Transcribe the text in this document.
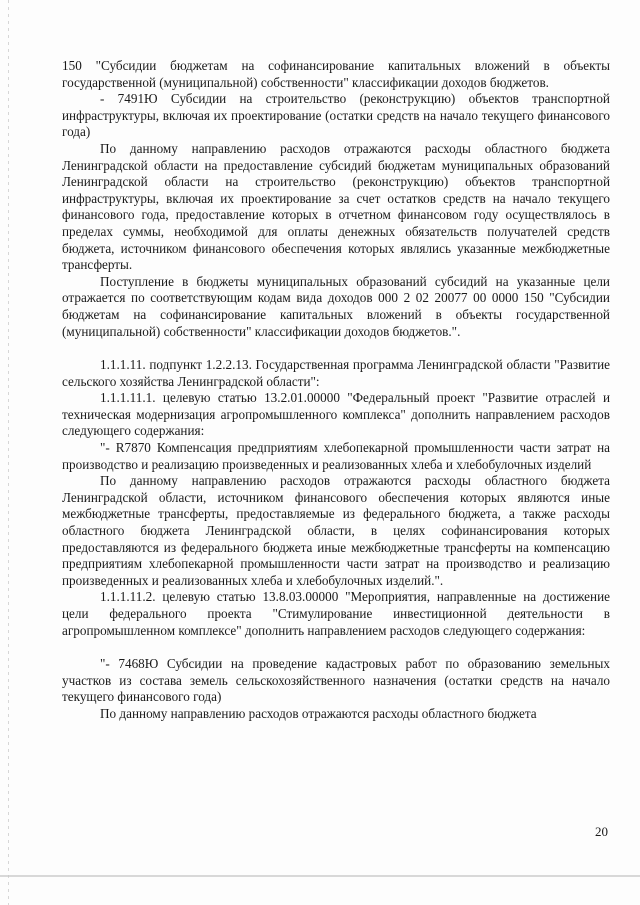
150 "Субсидии бюджетам на софинансирование капитальных вложений в объекты государственной (муниципальной) собственности" классификации доходов бюджетов.

- 7491Ю Субсидии на строительство (реконструкцию) объектов транспортной инфраструктуры, включая их проектирование (остатки средств на начало текущего финансового года)

По данному направлению расходов отражаются расходы областного бюджета Ленинградской области на предоставление субсидий бюджетам муниципальных образований Ленинградской области на строительство (реконструкцию) объектов транспортной инфраструктуры, включая их проектирование за счет остатков средств на начало текущего финансового года, предоставление которых в отчетном финансовом году осуществлялось в пределах суммы, необходимой для оплаты денежных обязательств получателей средств бюджета, источником финансового обеспечения которых являлись указанные межбюджетные трансферты.

Поступление в бюджеты муниципальных образований субсидий на указанные цели отражается по соответствующим кодам вида доходов 000 2 02 20077 00 0000 150 "Субсидии бюджетам на софинансирование капитальных вложений в объекты государственной (муниципальной) собственности" классификации доходов бюджетов.".

1.1.1.11. подпункт 1.2.2.13. Государственная программа Ленинградской области "Развитие сельского хозяйства Ленинградской области":

1.1.1.11.1. целевую статью 13.2.01.00000 "Федеральный проект "Развитие отраслей и техническая модернизация агропромышленного комплекса" дополнить направлением расходов следующего содержания:

"- R7870 Компенсация предприятиям хлебопекарной промышленности части затрат на производство и реализацию произведенных и реализованных хлеба и хлебобулочных изделий

По данному направлению расходов отражаются расходы областного бюджета Ленинградской области, источником финансового обеспечения которых являются иные межбюджетные трансферты, предоставляемые из федерального бюджета, а также расходы областного бюджета Ленинградской области, в целях софинансирования которых предоставляются из федерального бюджета иные межбюджетные трансферты на компенсацию предприятиям хлебопекарной промышленности части затрат на производство и реализацию произведенных и реализованных хлеба и хлебобулочных изделий.".

1.1.1.11.2. целевую статью 13.8.03.00000 "Мероприятия, направленные на достижение цели федерального проекта "Стимулирование инвестиционной деятельности в агропромышленном комплексе" дополнить направлением расходов следующего содержания:

"- 7468Ю Субсидии на проведение кадастровых работ по образованию земельных участков из состава земель сельскохозяйственного назначения (остатки средств на начало текущего финансового года)

По данному направлению расходов отражаются расходы областного бюджета

20
